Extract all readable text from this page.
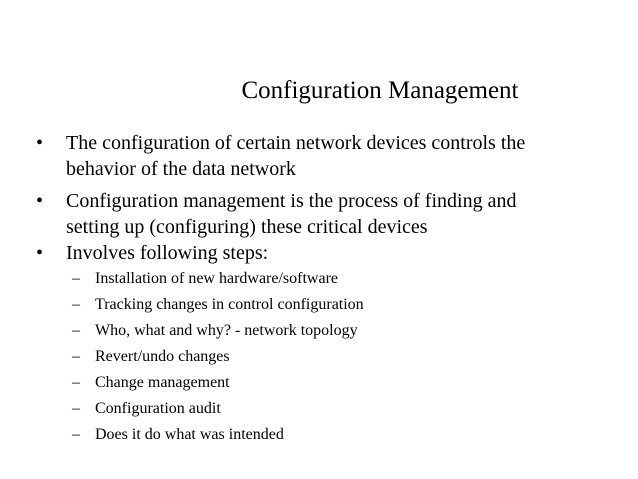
Configuration Management
• The configuration of certain network devices controls the
behavior of the data network
• Configuration management is the process of finding and
setting up (configuring) these critical devices
• Involves following steps:
– Installation of new hardware/software
– Tracking changes in control configuration
– Who, what and why? - network topology
– Revert/undo changes
– Change management
– Configuration audit
– Does it do what was intended
